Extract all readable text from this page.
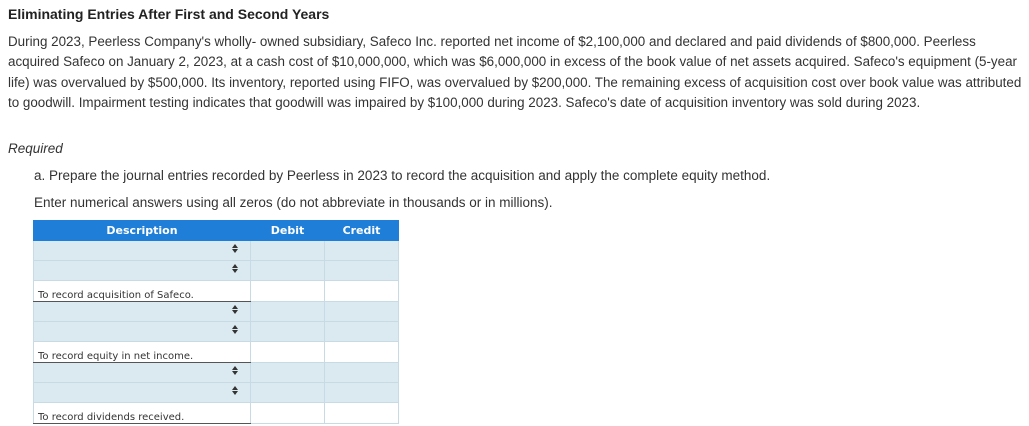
Eliminating Entries After First and Second Years
During 2023, Peerless Company's wholly- owned subsidiary, Safeco Inc. reported net income of $2,100,000 and declared and paid dividends of $800,000. Peerless acquired Safeco on January 2, 2023, at a cash cost of $10,000,000, which was $6,000,000 in excess of the book value of net assets acquired. Safeco's equipment (5-year life) was overvalued by $500,000. Its inventory, reported using FIFO, was overvalued by $200,000. The remaining excess of acquisition cost over book value was attributed to goodwill. Impairment testing indicates that goodwill was impaired by $100,000 during 2023. Safeco's date of acquisition inventory was sold during 2023.
Required
a. Prepare the journal entries recorded by Peerless in 2023 to record the acquisition and apply the complete equity method.
Enter numerical answers using all zeros (do not abbreviate in thousands or in millions).
Description	Debit	Credit

To record acquisition of Safeco.		

To record equity in net income.		

To record dividends received.		
